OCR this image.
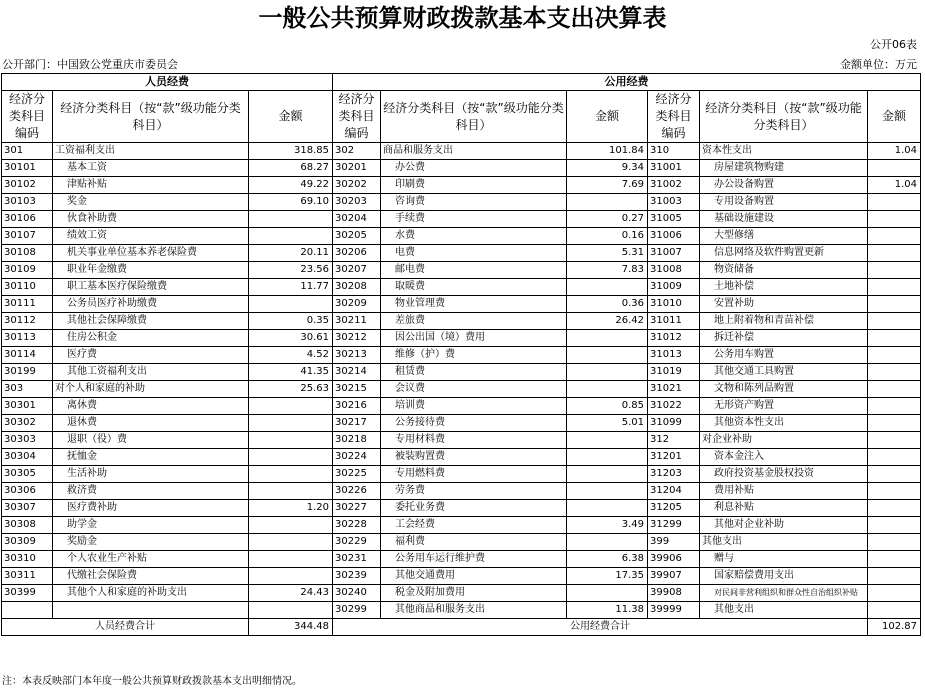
一般公共预算财政拨款基本支出决算表
公开06表
公开部门：中国致公党重庆市委员会	金额单位：万元
人员经费			公用经费					
经济分类科目编码	经济分类科目（按“款”级功能分类科目）	金额	经济分类科目编码	经济分类科目（按“款”级功能分类科目）	金额	经济分类科目编码	经济分类科目（按“款”级功能分类科目）	金额
301	工资福利支出	318.85	302	商品和服务支出	101.84	310	资本性支出	1.04
30101	基本工资	68.27	30201	办公费	9.34	31001	房屋建筑物购建	
30102	津贴补贴	49.22	30202	印刷费	7.69	31002	办公设备购置	1.04
30103	奖金	69.10	30203	咨询费		31003	专用设备购置	
30106	伙食补助费		30204	手续费	0.27	31005	基础设施建设	
30107	绩效工资		30205	水费	0.16	31006	大型修缮	
30108	机关事业单位基本养老保险费	20.11	30206	电费	5.31	31007	信息网络及软件购置更新	
30109	职业年金缴费	23.56	30207	邮电费	7.83	31008	物资储备	
30110	职工基本医疗保险缴费	11.77	30208	取暖费		31009	土地补偿	
30111	公务员医疗补助缴费		30209	物业管理费	0.36	31010	安置补助	
30112	其他社会保障缴费	0.35	30211	差旅费	26.42	31011	地上附着物和青苗补偿	
30113	住房公积金	30.61	30212	因公出国（境）费用		31012	拆迁补偿	
30114	医疗费	4.52	30213	维修（护）费		31013	公务用车购置	
30199	其他工资福利支出	41.35	30214	租赁费		31019	其他交通工具购置	
303	对个人和家庭的补助	25.63	30215	会议费		31021	文物和陈列品购置	
30301	离休费		30216	培训费	0.85	31022	无形资产购置	
30302	退休费		30217	公务接待费	5.01	31099	其他资本性支出	
30303	退职（役）费		30218	专用材料费		312	对企业补助	
30304	抚恤金		30224	被装购置费		31201	资本金注入	
30305	生活补助		30225	专用燃料费		31203	政府投资基金股权投资	
30306	救济费		30226	劳务费		31204	费用补贴	
30307	医疗费补助	1.20	30227	委托业务费		31205	利息补贴	
30308	助学金		30228	工会经费	3.49	31299	其他对企业补助	
30309	奖励金		30229	福利费		399	其他支出	
30310	个人农业生产补贴		30231	公务用车运行维护费	6.38	39906	赠与	
30311	代缴社会保险费		30239	其他交通费用	17.35	39907	国家赔偿费用支出	
30399	其他个人和家庭的补助支出	24.43	30240	税金及附加费用		39908	对民间非营利组织和群众性自治组织补贴	
			30299	其他商品和服务支出	11.38	39999	其他支出	
人员经费合计		344.48	公用经费合计					102.87
注：本表反映部门本年度一般公共预算财政拨款基本支出明细情况。
